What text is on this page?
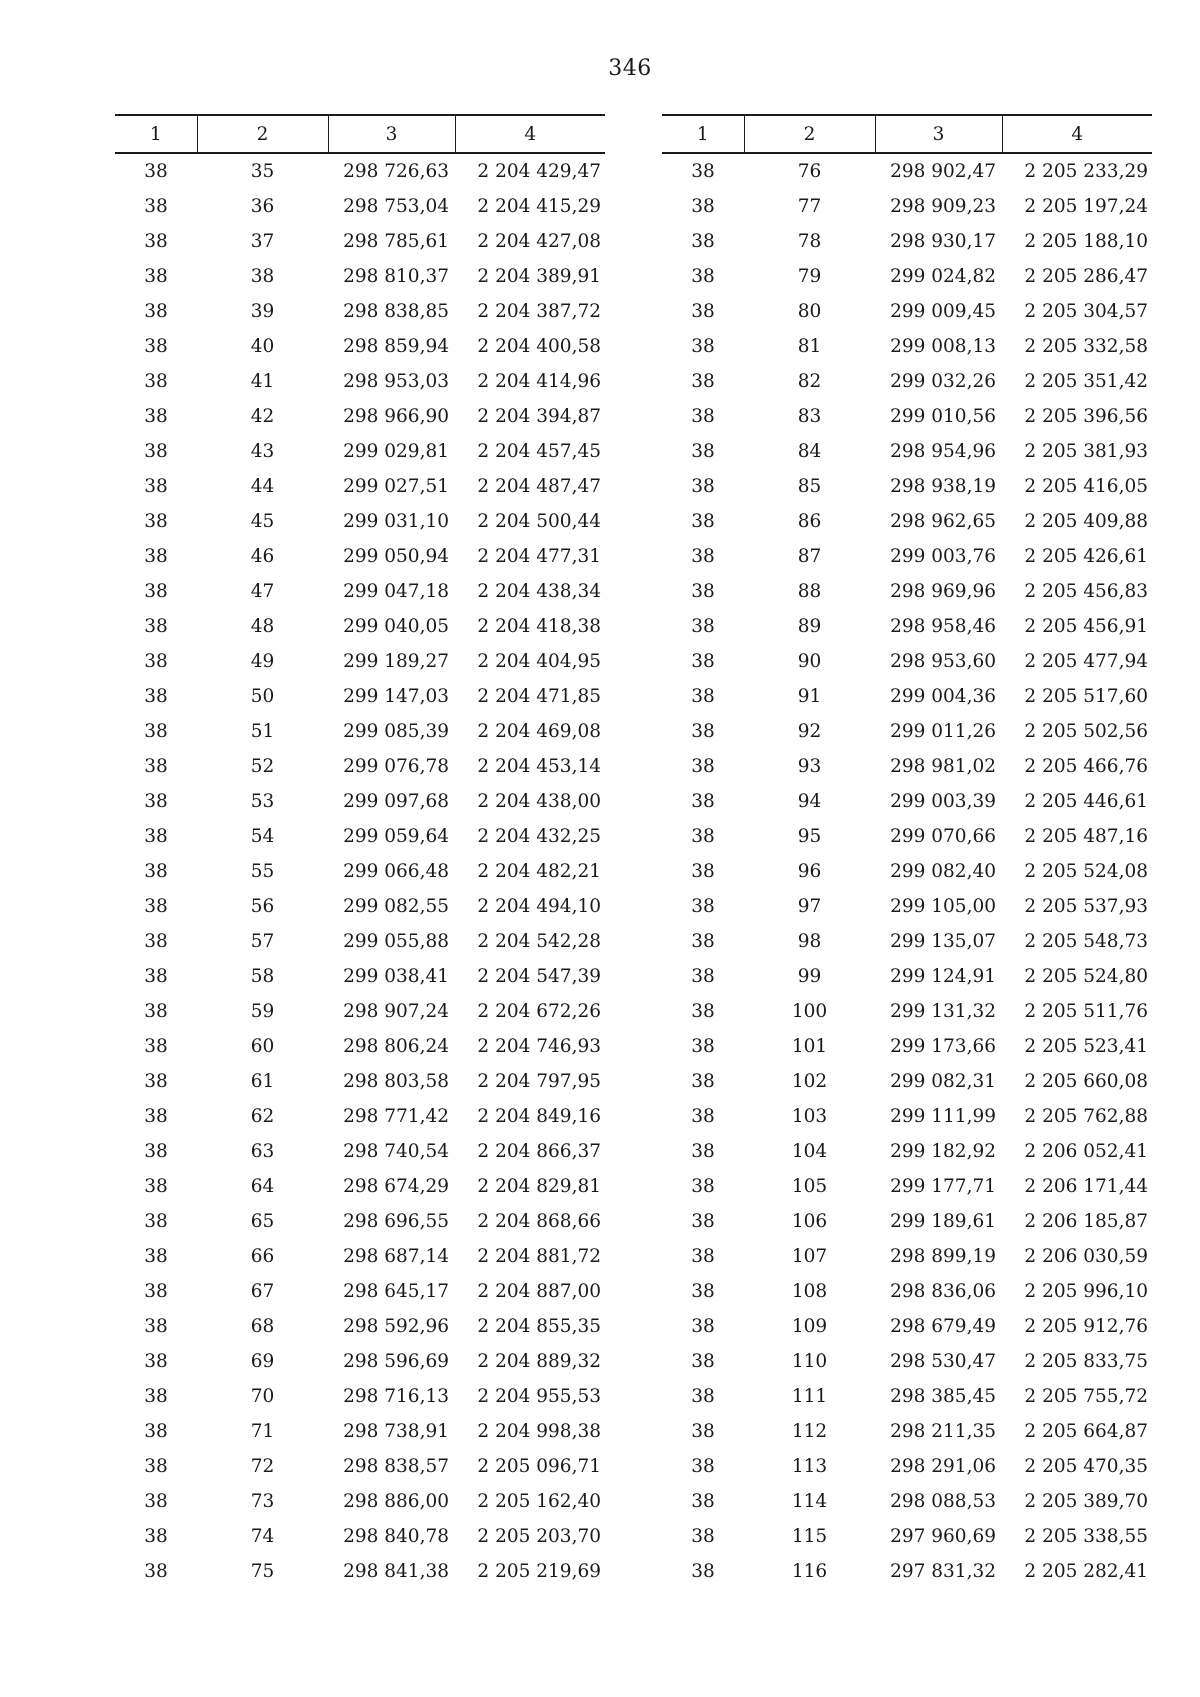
346
1	2	3	4
38	35	298 726,63	2 204 429,47
38	36	298 753,04	2 204 415,29
38	37	298 785,61	2 204 427,08
38	38	298 810,37	2 204 389,91
38	39	298 838,85	2 204 387,72
38	40	298 859,94	2 204 400,58
38	41	298 953,03	2 204 414,96
38	42	298 966,90	2 204 394,87
38	43	299 029,81	2 204 457,45
38	44	299 027,51	2 204 487,47
38	45	299 031,10	2 204 500,44
38	46	299 050,94	2 204 477,31
38	47	299 047,18	2 204 438,34
38	48	299 040,05	2 204 418,38
38	49	299 189,27	2 204 404,95
38	50	299 147,03	2 204 471,85
38	51	299 085,39	2 204 469,08
38	52	299 076,78	2 204 453,14
38	53	299 097,68	2 204 438,00
38	54	299 059,64	2 204 432,25
38	55	299 066,48	2 204 482,21
38	56	299 082,55	2 204 494,10
38	57	299 055,88	2 204 542,28
38	58	299 038,41	2 204 547,39
38	59	298 907,24	2 204 672,26
38	60	298 806,24	2 204 746,93
38	61	298 803,58	2 204 797,95
38	62	298 771,42	2 204 849,16
38	63	298 740,54	2 204 866,37
38	64	298 674,29	2 204 829,81
38	65	298 696,55	2 204 868,66
38	66	298 687,14	2 204 881,72
38	67	298 645,17	2 204 887,00
38	68	298 592,96	2 204 855,35
38	69	298 596,69	2 204 889,32
38	70	298 716,13	2 204 955,53
38	71	298 738,91	2 204 998,38
38	72	298 838,57	2 205 096,71
38	73	298 886,00	2 205 162,40
38	74	298 840,78	2 205 203,70
38	75	298 841,38	2 205 219,69
1	2	3	4
38	76	298 902,47	2 205 233,29
38	77	298 909,23	2 205 197,24
38	78	298 930,17	2 205 188,10
38	79	299 024,82	2 205 286,47
38	80	299 009,45	2 205 304,57
38	81	299 008,13	2 205 332,58
38	82	299 032,26	2 205 351,42
38	83	299 010,56	2 205 396,56
38	84	298 954,96	2 205 381,93
38	85	298 938,19	2 205 416,05
38	86	298 962,65	2 205 409,88
38	87	299 003,76	2 205 426,61
38	88	298 969,96	2 205 456,83
38	89	298 958,46	2 205 456,91
38	90	298 953,60	2 205 477,94
38	91	299 004,36	2 205 517,60
38	92	299 011,26	2 205 502,56
38	93	298 981,02	2 205 466,76
38	94	299 003,39	2 205 446,61
38	95	299 070,66	2 205 487,16
38	96	299 082,40	2 205 524,08
38	97	299 105,00	2 205 537,93
38	98	299 135,07	2 205 548,73
38	99	299 124,91	2 205 524,80
38	100	299 131,32	2 205 511,76
38	101	299 173,66	2 205 523,41
38	102	299 082,31	2 205 660,08
38	103	299 111,99	2 205 762,88
38	104	299 182,92	2 206 052,41
38	105	299 177,71	2 206 171,44
38	106	299 189,61	2 206 185,87
38	107	298 899,19	2 206 030,59
38	108	298 836,06	2 205 996,10
38	109	298 679,49	2 205 912,76
38	110	298 530,47	2 205 833,75
38	111	298 385,45	2 205 755,72
38	112	298 211,35	2 205 664,87
38	113	298 291,06	2 205 470,35
38	114	298 088,53	2 205 389,70
38	115	297 960,69	2 205 338,55
38	116	297 831,32	2 205 282,41
